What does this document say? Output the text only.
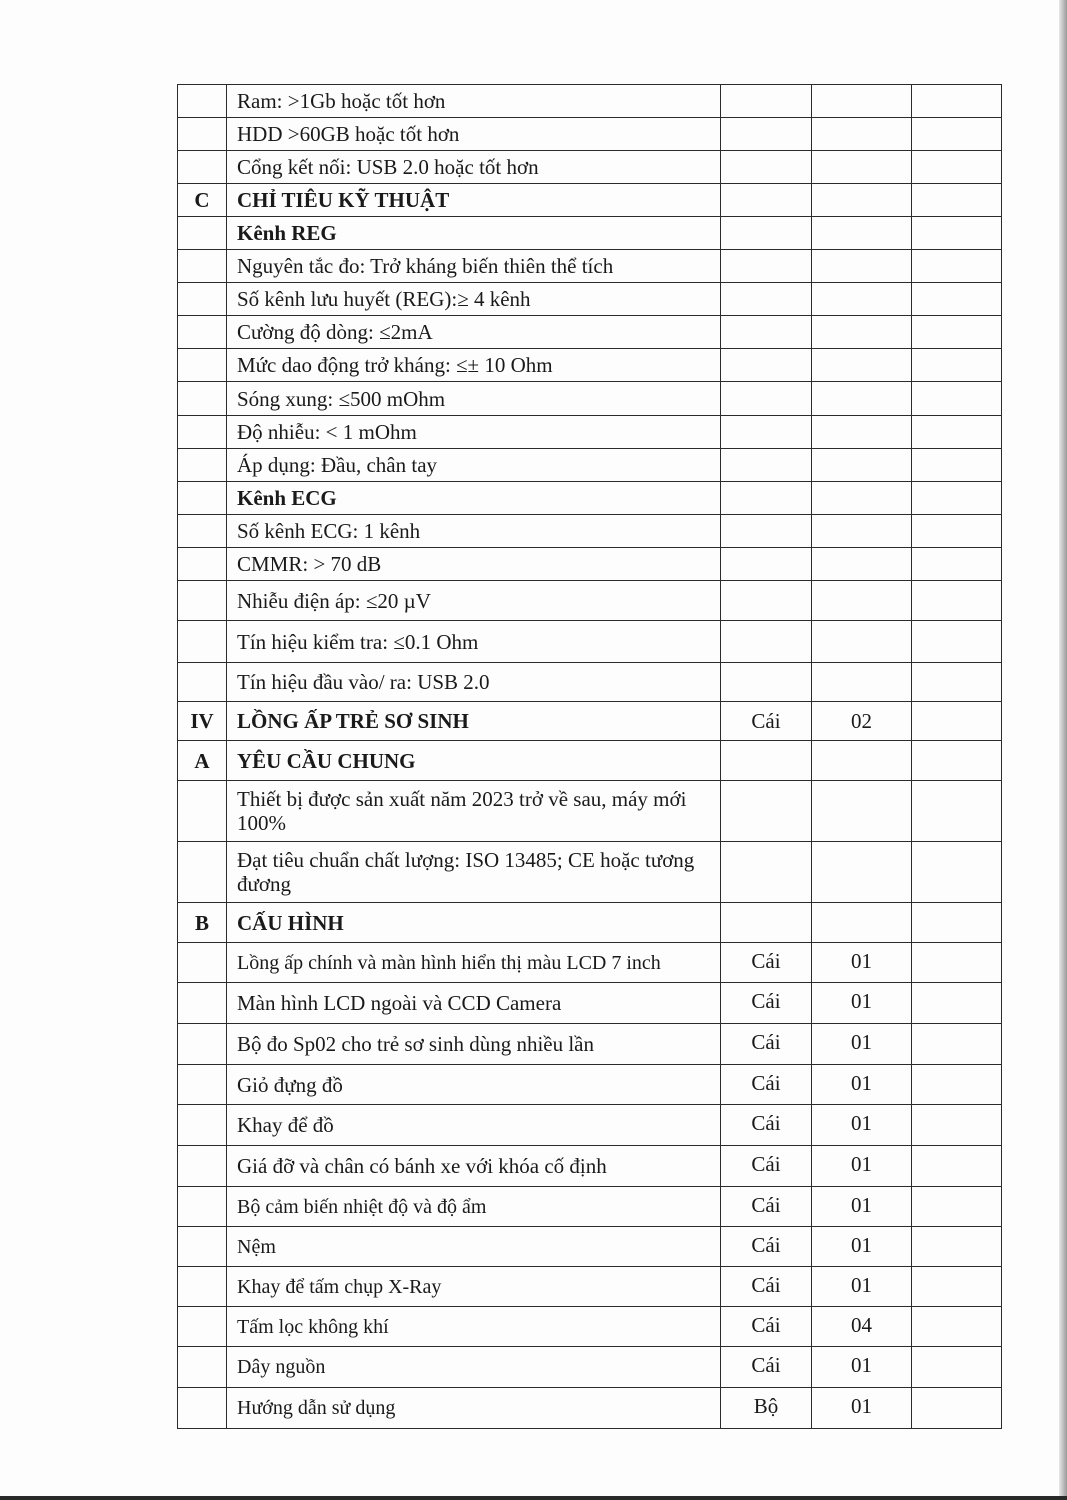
	Ram: >1Gb hoặc tốt hơn			
	HDD >60GB hoặc tốt hơn			
	Cổng kết nối: USB 2.0 hoặc tốt hơn			
C	CHỈ TIÊU KỸ THUẬT			
	Kênh REG			
	Nguyên tắc đo: Trở kháng biến thiên thể tích			
	Số kênh lưu huyết (REG):≥ 4 kênh			
	Cường độ dòng: ≤2mA			
	Mức dao động trở kháng: ≤± 10 Ohm			
	Sóng xung: ≤500 mOhm			
	Độ nhiễu: < 1 mOhm			
	Áp dụng: Đầu, chân tay			
	Kênh ECG			
	Số kênh ECG: 1 kênh			
	CMMR: > 70 dB			
	Nhiễu điện áp: ≤20 µV			
	Tín hiệu kiểm tra: ≤0.1 Ohm			
	Tín hiệu đầu vào/ ra: USB 2.0			
IV	LỒNG ẤP TRẺ SƠ SINH	Cái	02	
A	YÊU CẦU CHUNG			
	Thiết bị được sản xuất năm 2023 trở về sau, máy mới 100%			
	Đạt tiêu chuẩn chất lượng: ISO 13485; CE hoặc tương đương			
B	CẤU HÌNH			
	Lồng ấp chính và màn hình hiển thị màu LCD 7 inch	Cái	01	
	Màn hình LCD ngoài và CCD Camera	Cái	01	
	Bộ đo Sp02 cho trẻ sơ sinh dùng nhiều lần	Cái	01	
	Giỏ đựng đồ	Cái	01	
	Khay để đồ	Cái	01	
	Giá đỡ và chân có bánh xe với khóa cố định	Cái	01	
	Bộ cảm biến nhiệt độ và độ ẩm	Cái	01	
	Nệm	Cái	01	
	Khay để tấm chụp X-Ray	Cái	01	
	Tấm lọc không khí	Cái	04	
	Dây nguồn	Cái	01	
	Hướng dẫn sử dụng	Bộ	01	
